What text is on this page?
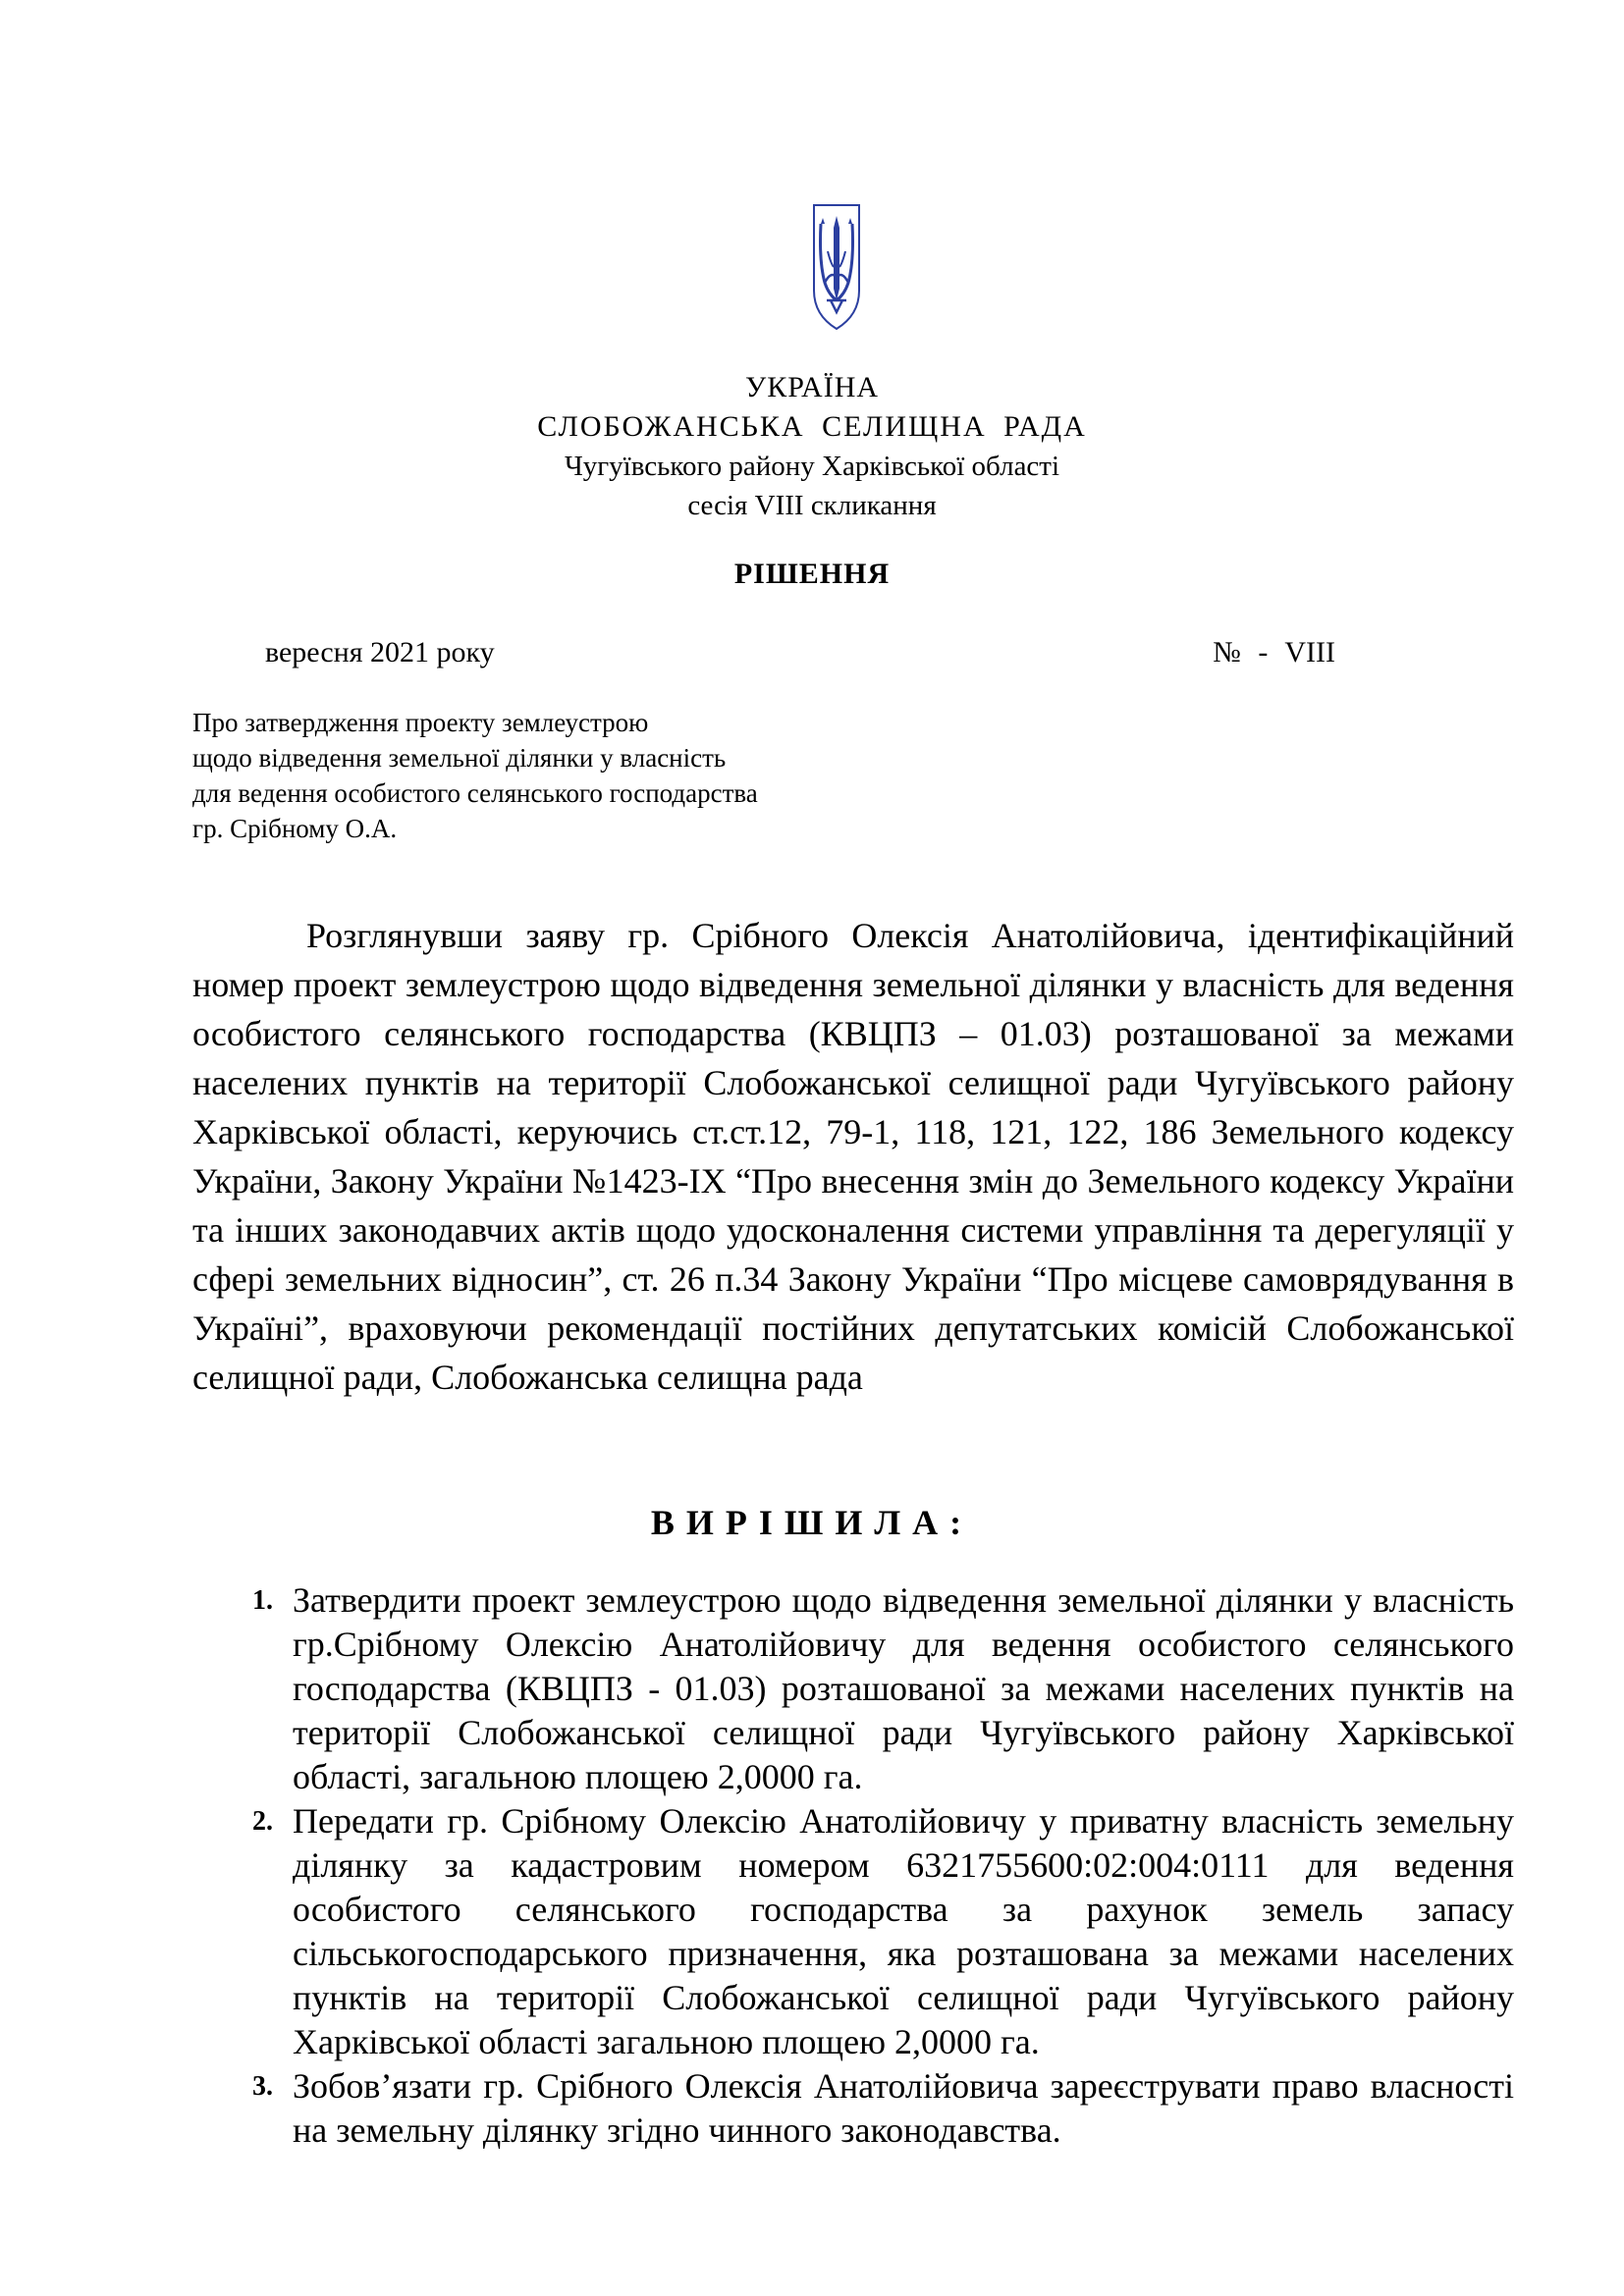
УКРАЇНА

СЛОБОЖАНСЬКА СЕЛИЩНА РАДА

Чугуївського району Харківської області

сесія VIII скликання

РІШЕННЯ
вересня 2021 року	№ - VIII
Про затвердження проекту землеустрою
щодо відведення земельної ділянки у власність
для ведення особистого селянського господарства
гр. Срібному О.А.

Розглянувши заяву гр. Срібного Олексія Анатолійовича, ідентифікаційний номер проект землеустрою щодо відведення земельної ділянки у власність для ведення особистого селянського господарства (КВЦПЗ – 01.03) розташованої за межами населених пунктів на території Слобожанської селищної ради Чугуївського району Харківської області, керуючись ст.ст.12, 79-1, 118, 121, 122, 186 Земельного кодексу України, Закону України №1423-ІХ “Про внесення змін до Земельного кодексу України та інших законодавчих актів щодо удосконалення системи управління та дерегуляції у сфері земельних відносин”, ст. 26 п.34 Закону України “Про місцеве самоврядування в Україні”, враховуючи рекомендації постійних депутатських комісій Слобожанської селищної ради, Слобожанська селищна рада

ВИРІШИЛА:
1. Затвердити проект землеустрою щодо відведення земельної ділянки у власність гр.Срібному Олексію Анатолійовичу для ведення особистого селянського господарства (КВЦПЗ - 01.03) розташованої за межами населених пунктів на території Слобожанської селищної ради Чугуївського району Харківської області, загальною площею 2,0000 га.
2. Передати гр. Срібному Олексію Анатолійовичу у приватну власність земельну ділянку за кадастровим номером 6321755600:02:004:0111 для ведення особистого селянського господарства за рахунок земель запасу сільськогосподарського призначення, яка розташована за межами населених пунктів на території Слобожанської селищної ради Чугуївського району Харківської області загальною площею 2,0000 га.
3. Зобов’язати гр. Срібного Олексія Анатолійовича зареєструвати право власності на земельну ділянку згідно чинного законодавства.
